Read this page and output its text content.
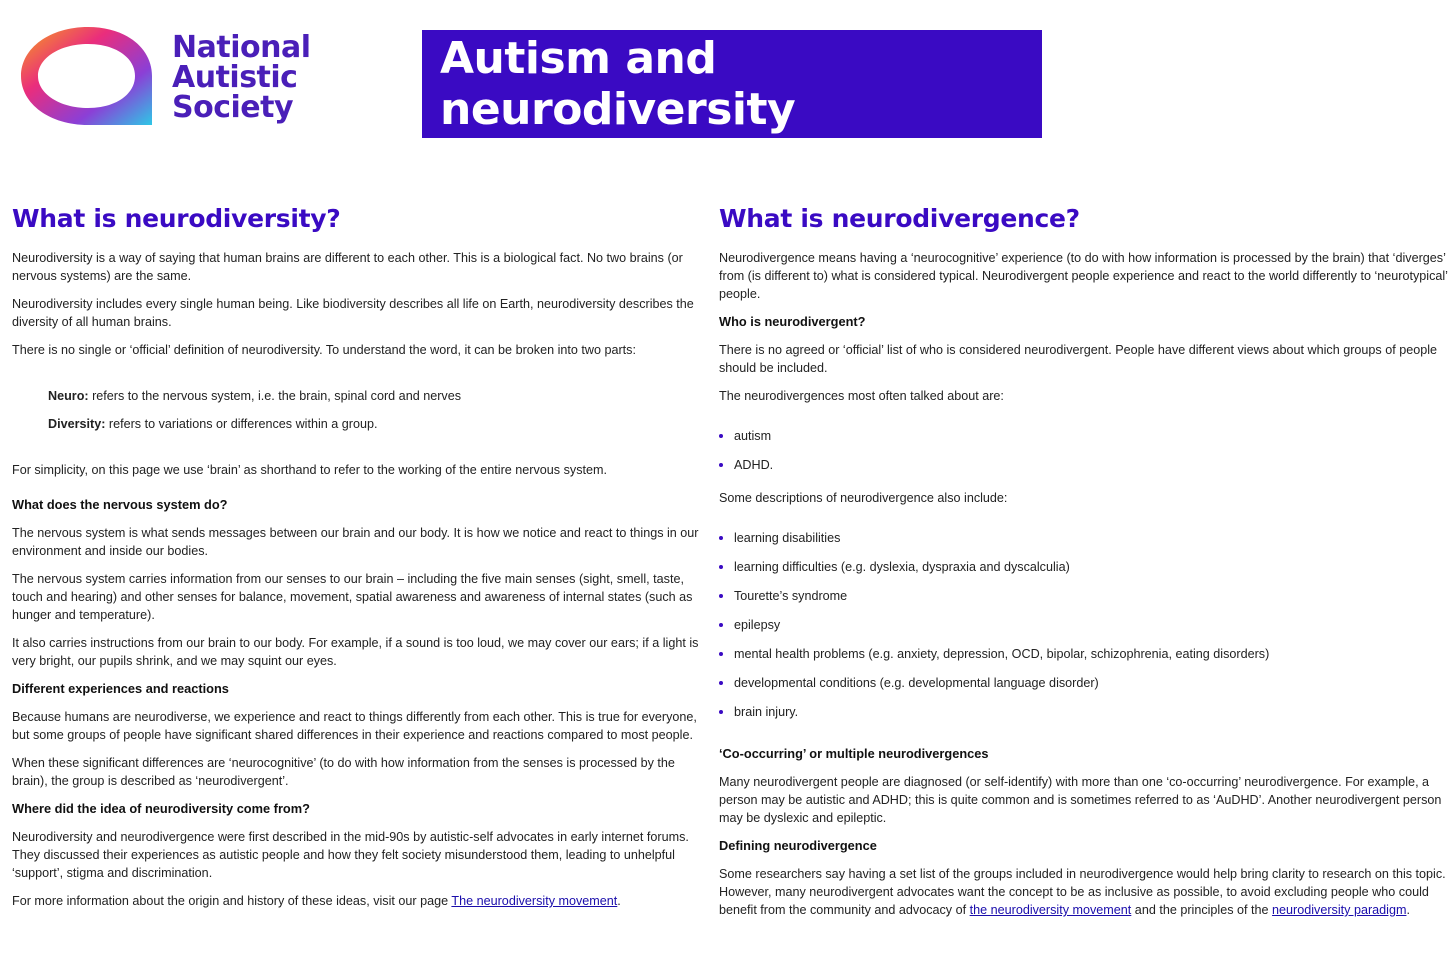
National
Autistic
Society
Autism and neurodiversity
What is neurodiversity?

Neurodiversity is a way of saying that human brains are different to each other. This is a biological fact. No two brains (or nervous systems) are the same.

Neurodiversity includes every single human being. Like biodiversity describes all life on Earth, neurodiversity describes the diversity of all human brains.

There is no single or ‘official’ definition of neurodiversity. To understand the word, it can be broken into two parts:

Neuro: refers to the nervous system, i.e. the brain, spinal cord and nerves

Diversity: refers to variations or differences within a group.

For simplicity, on this page we use ‘brain’ as shorthand to refer to the working of the entire nervous system.

What does the nervous system do?

The nervous system is what sends messages between our brain and our body. It is how we notice and react to things in our environment and inside our bodies.

The nervous system carries information from our senses to our brain – including the five main senses (sight, smell, taste, touch and hearing) and other senses for balance, movement, spatial awareness and awareness of internal states (such as hunger and temperature).

It also carries instructions from our brain to our body. For example, if a sound is too loud, we may cover our ears; if a light is very bright, our pupils shrink, and we may squint our eyes.

Different experiences and reactions

Because humans are neurodiverse, we experience and react to things differently from each other. This is true for everyone, but some groups of people have significant shared differences in their experience and reactions compared to most people.

When these significant differences are ‘neurocognitive’ (to do with how information from the senses is processed by the brain), the group is described as ‘neurodivergent’.

Where did the idea of neurodiversity come from?

Neurodiversity and neurodivergence were first described in the mid-90s by autistic-self advocates in early internet forums. They discussed their experiences as autistic people and how they felt society misunderstood them, leading to unhelpful ‘support’, stigma and discrimination.

For more information about the origin and history of these ideas, visit our page The neurodiversity movement.

What is neurodivergence?

Neurodivergence means having a ‘neurocognitive’ experience (to do with how information is processed by the brain) that ‘diverges’ from (is different to) what is considered typical. Neurodivergent people experience and react to the world differently to ‘neurotypical’ people.

Who is neurodivergent?

There is no agreed or ‘official’ list of who is considered neurodivergent. People have different views about which groups of people should be included.

The neurodivergences most often talked about are:

autism
ADHD.

Some descriptions of neurodivergence also include:

learning disabilities
learning difficulties (e.g. dyslexia, dyspraxia and dyscalculia)
Tourette’s syndrome
epilepsy
mental health problems (e.g. anxiety, depression, OCD, bipolar, schizophrenia, eating disorders)
developmental conditions (e.g. developmental language disorder)
brain injury.
‘Co-occurring’ or multiple neurodivergences

Many neurodivergent people are diagnosed (or self-identify) with more than one ‘co-occurring’ neurodivergence. For example, a person may be autistic and ADHD; this is quite common and is sometimes referred to as ‘AuDHD’. Another neurodivergent person may be dyslexic and epileptic.

Defining neurodivergence

Some researchers say having a set list of the groups included in neurodivergence would help bring clarity to research on this topic. However, many neurodivergent advocates want the concept to be as inclusive as possible, to avoid excluding people who could benefit from the community and advocacy of the neurodiversity movement and the principles of the neurodiversity paradigm.
